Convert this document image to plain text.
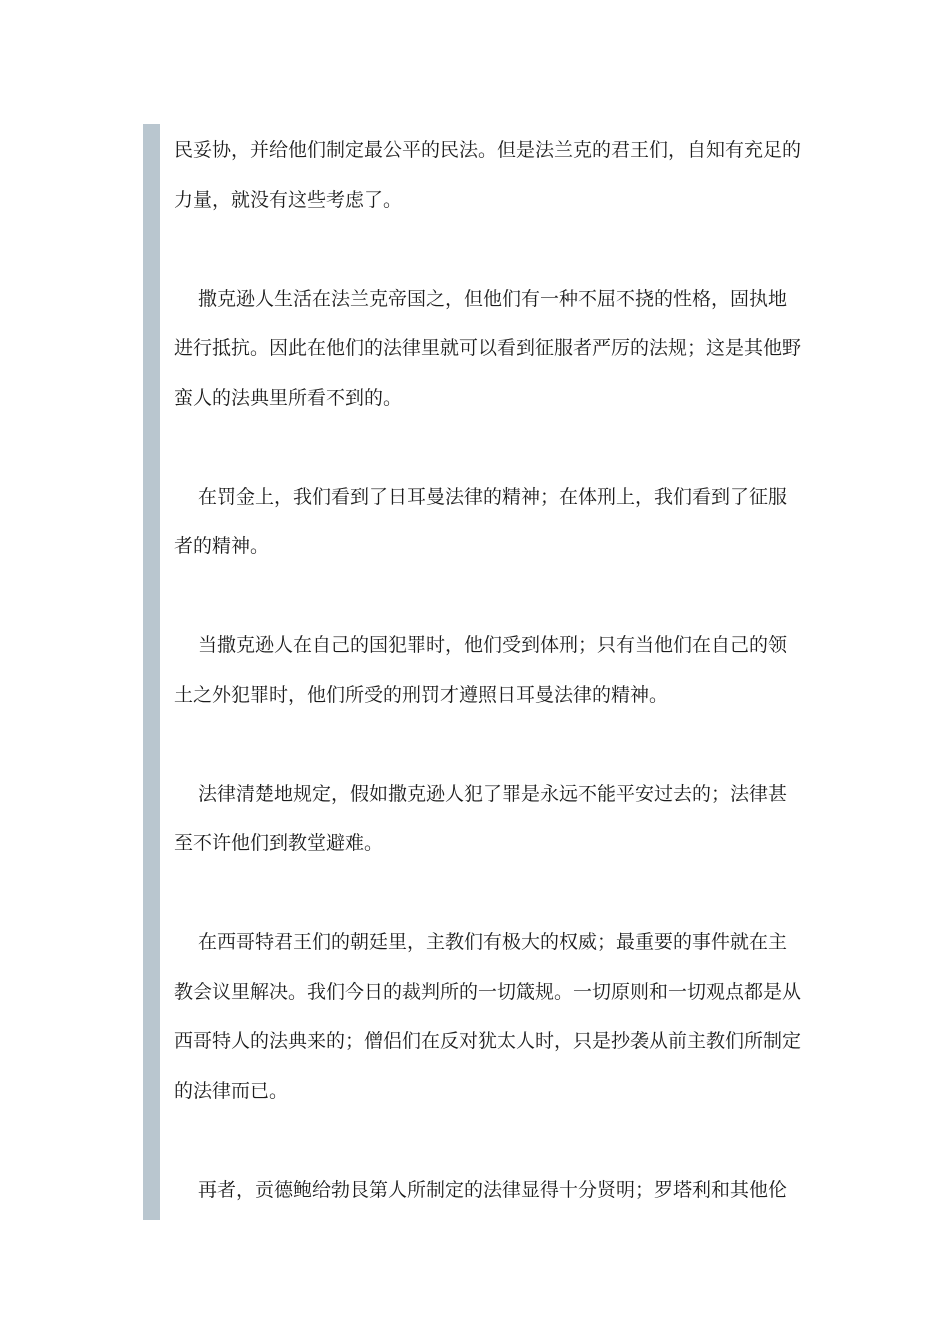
民妥协，并给他们制定最公平的民法。但是法兰克的君王们，自知有充足的
力量，就没有这些考虑了。
撒克逊人生活在法兰克帝国之，但他们有一种不屈不挠的性格，固执地
进行抵抗。因此在他们的法律里就可以看到征服者严厉的法规；这是其他野
蛮人的法典里所看不到的。
在罚金上，我们看到了日耳曼法律的精神；在体刑上，我们看到了征服
者的精神。
当撒克逊人在自己的国犯罪时，他们受到体刑；只有当他们在自己的领
土之外犯罪时，他们所受的刑罚才遵照日耳曼法律的精神。
法律清楚地规定，假如撒克逊人犯了罪是永远不能平安过去的；法律甚
至不许他们到教堂避难。
在西哥特君王们的朝廷里，主教们有极大的权威；最重要的事件就在主
教会议里解决。我们今日的裁判所的一切箴规。一切原则和一切观点都是从
西哥特人的法典来的；僧侣们在反对犹太人时，只是抄袭从前主教们所制定
的法律而已。
再者，贡德鲍给勃艮第人所制定的法律显得十分贤明；罗塔利和其他伦
